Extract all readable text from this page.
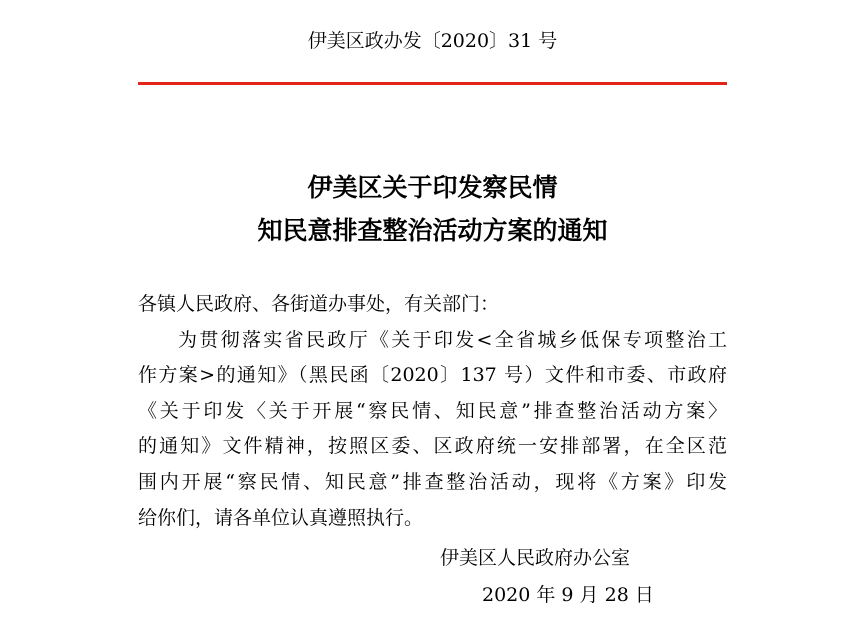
伊美区政办发〔2020〕31 号
伊美区关于印发察民情
知民意排查整治活动方案的通知
各镇人民政府、各街道办事处，有关部门：
为贯彻落实省民政厅《关于印发<全省城乡低保专项整治工
作方案>的通知》（黑民函〔2020〕137 号）文件和市委、市政府
《关于印发〈关于开展“察民情、知民意”排查整治活动方案〉
的通知》文件精神，按照区委、区政府统一安排部署，在全区范
围内开展“察民情、知民意”排查整治活动，现将《方案》印发
给你们，请各单位认真遵照执行。
伊美区人民政府办公室
2020 年 9 月 28 日
